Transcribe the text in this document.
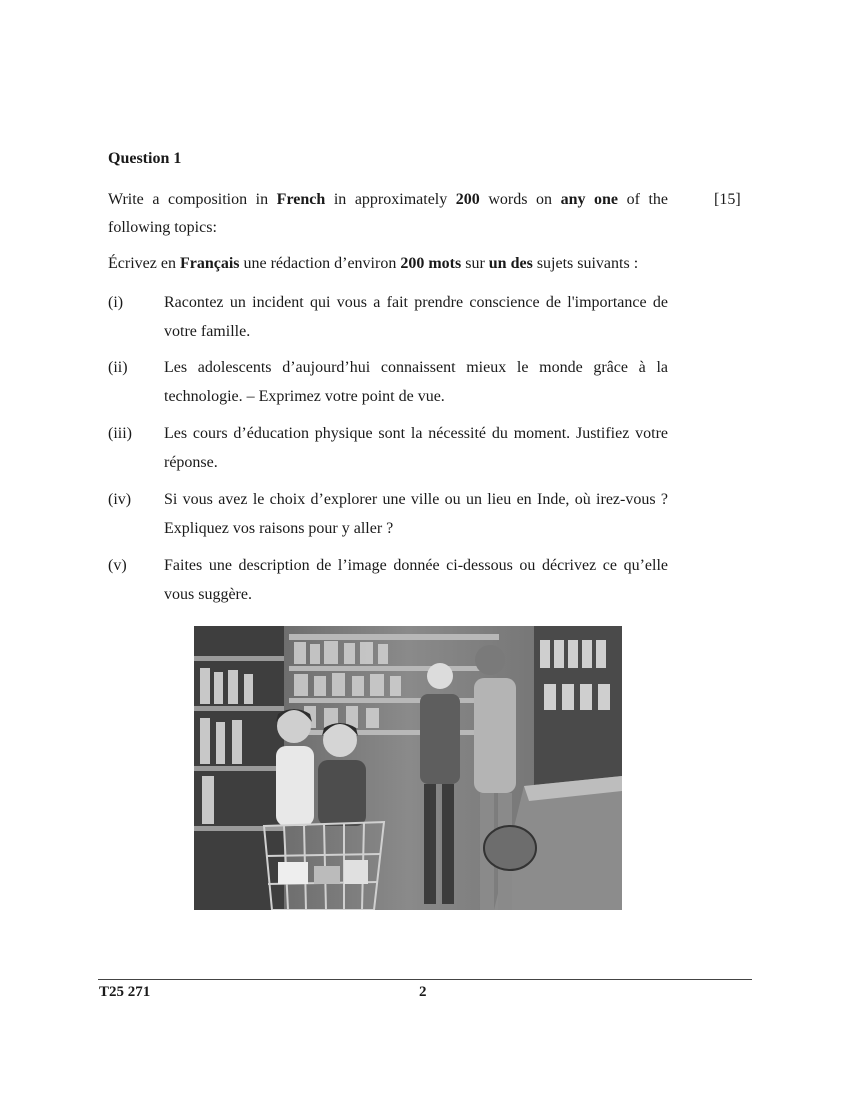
Question 1
Write a composition in French in approximately 200 words on any one of the following topics:
[15]
Écrivez en Français une rédaction d’environ 200 mots sur un des sujets suivants :
(i)	Racontez un incident qui vous a fait prendre conscience de l'importance de votre famille.
(ii)	Les adolescents d’aujourd’hui connaissent mieux le monde grâce à la technologie. – Exprimez votre point de vue.
(iii)	Les cours d’éducation physique sont la nécessité du moment. Justifiez votre réponse.
(iv)	Si vous avez le choix d’explorer une ville ou un lieu en Inde, où irez-vous ? Expliquez vos raisons pour y aller ?
(v)	Faites une description de l’image donnée ci-dessous ou décrivez ce qu’elle vous suggère.
T25 271	2
